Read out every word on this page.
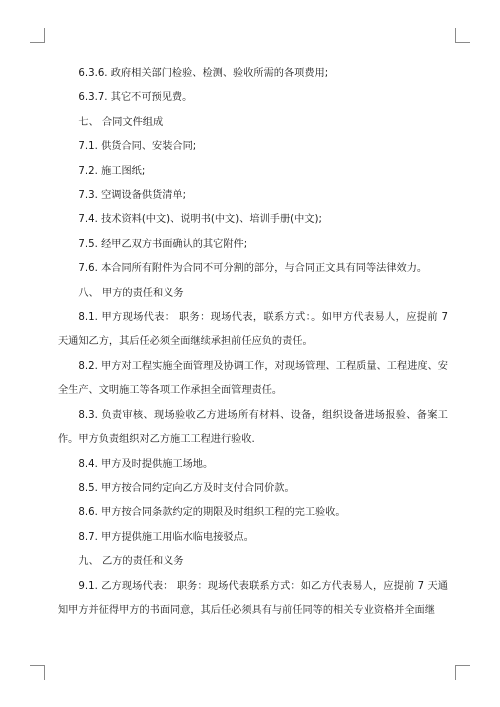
6.3.6. 政府相关部门检验、检测、验收所需的各项费用;

6.3.7. 其它不可预见费。

七、 合同文件组成

7.1. 供货合同、安装合同;

7.2. 施工图纸;

7.3. 空调设备供货清单;

7.4. 技术资料(中文)、说明书(中文)、培训手册(中文);

7.5. 经甲乙双方书面确认的其它附件;

7.6. 本合同所有附件为合同不可分割的部分，与合同正文具有同等法律效力。

八、 甲方的责任和义务

8.1. 甲方现场代表： 职务：现场代表，联系方式：。如甲方代表易人，应提前 7 天通知乙方，其后任必须全面继续承担前任应负的责任。

8.2. 甲方对工程实施全面管理及协调工作，对现场管理、工程质量、工程进度、安全生产、文明施工等各项工作承担全面管理责任。

8.3. 负责审核、现场验收乙方进场所有材料、设备，组织设备进场报验、备案工作。甲方负责组织对乙方施工工程进行验收.

8.4. 甲方及时提供施工场地。

8.5. 甲方按合同约定向乙方及时支付合同价款。

8.6. 甲方按合同条款约定的期限及时组织工程的完工验收。

8.7. 甲方提供施工用临水临电接驳点。

九、 乙方的责任和义务

9.1. 乙方现场代表： 职务：现场代表联系方式：如乙方代表易人，应提前 7 天通知甲方并征得甲方的书面同意，其后任必须具有与前任同等的相关专业资格并全面继
